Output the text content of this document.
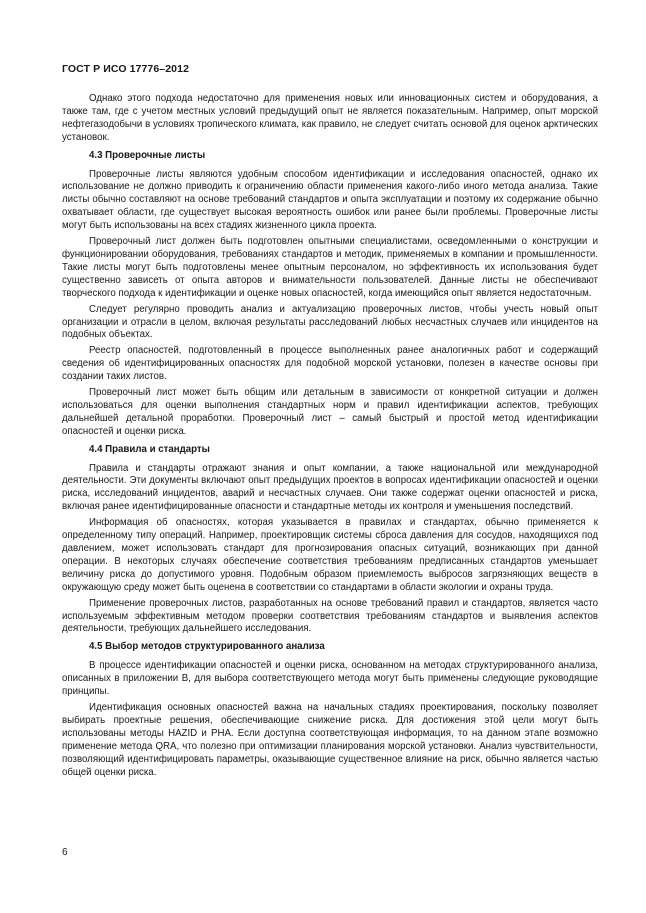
ГОСТ Р ИСО 17776–2012
Однако этого подхода недостаточно для применения новых или инновационных систем и оборудования, а также там, где с учетом местных условий предыдущий опыт не является показательным. Например, опыт морской нефтегазодобычи в условиях тропического климата, как правило, не следует считать основой для оценок арктических установок.
4.3 Проверочные листы
Проверочные листы являются удобным способом идентификации и исследования опасностей, однако их использование не должно приводить к ограничению области применения какого-либо иного метода анализа. Такие листы обычно составляют на основе требований стандартов и опыта эксплуатации и поэтому их содержание обычно охватывает области, где существует высокая вероятность ошибок или ранее были проблемы. Проверочные листы могут быть использованы на всех стадиях жизненного цикла проекта.
Проверочный лист должен быть подготовлен опытными специалистами, осведомленными о конструкции и функционировании оборудования, требованиях стандартов и методик, применяемых в компании и промышленности. Такие листы могут быть подготовлены менее опытным персоналом, но эффективность их использования будет существенно зависеть от опыта авторов и внимательности пользователей. Данные листы не обеспечивают творческого подхода к идентификации и оценке новых опасностей, когда имеющийся опыт является недостаточным.
Следует регулярно проводить анализ и актуализацию проверочных листов, чтобы учесть новый опыт организации и отрасли в целом, включая результаты расследований любых несчастных случаев или инцидентов на подобных объектах.
Реестр опасностей, подготовленный в процессе выполненных ранее аналогичных работ и содержащий сведения об идентифицированных опасностях для подобной морской установки, полезен в качестве основы при создании таких листов.
Проверочный лист может быть общим или детальным в зависимости от конкретной ситуации и должен использоваться для оценки выполнения стандартных норм и правил идентификации аспектов, требующих дальнейшей детальной проработки. Проверочный лист – самый быстрый и простой метод идентификации опасностей и оценки риска.
4.4 Правила и стандарты
Правила и стандарты отражают знания и опыт компании, а также национальной или международной деятельности. Эти документы включают опыт предыдущих проектов в вопросах идентификации опасностей и оценки риска, исследований инцидентов, аварий и несчастных случаев. Они также содержат оценки опасностей и риска, включая ранее идентифицированные опасности и стандартные методы их контроля и уменьшения последствий.
Информация об опасностях, которая указывается в правилах и стандартах, обычно применяется к определенному типу операций. Например, проектировщик системы сброса давления для сосудов, находящихся под давлением, может использовать стандарт для прогнозирования опасных ситуаций, возникающих при данной операции. В некоторых случаях обеспечение соответствия требованиям предписанных стандартов уменьшает величину риска до допустимого уровня. Подобным образом приемлемость выбросов загрязняющих веществ в окружающую среду может быть оценена в соответствии со стандартами в области экологии и охраны труда.
Применение проверочных листов, разработанных на основе требований правил и стандартов, является часто используемым эффективным методом проверки соответствия требованиям стандартов и выявления аспектов деятельности, требующих дальнейшего исследования.
4.5 Выбор методов структурированного анализа
В процессе идентификации опасностей и оценки риска, основанном на методах структурированного анализа, описанных в приложении В, для выбора соответствующего метода могут быть применены следующие руководящие принципы.
Идентификация основных опасностей важна на начальных стадиях проектирования, поскольку позволяет выбирать проектные решения, обеспечивающие снижение риска. Для достижения этой цели могут быть использованы методы HAZID и PHA. Если доступна соответствующая информация, то на данном этапе возможно применение метода QRA, что полезно при оптимизации планирования морской установки. Анализ чувствительности, позволяющий идентифицировать параметры, оказывающие существенное влияние на риск, обычно является частью общей оценки риска.
6
